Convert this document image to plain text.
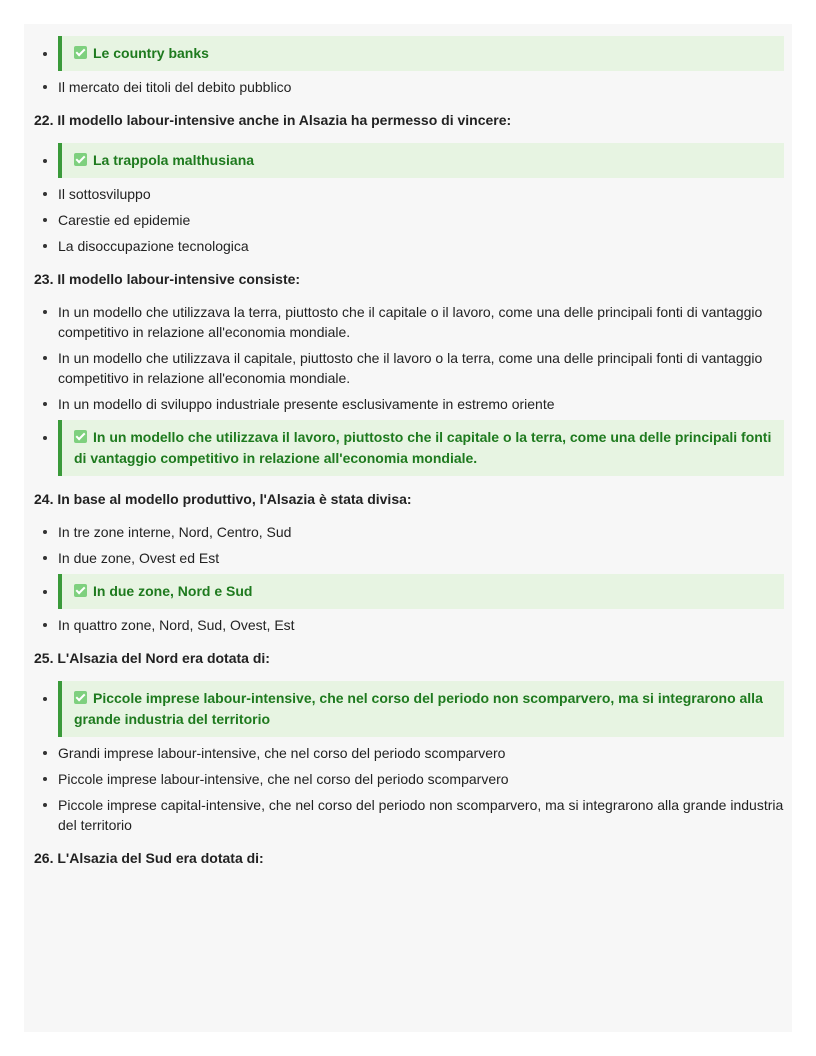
Le country banks
Il mercato dei titoli del debito pubblico
22. Il modello labour-intensive anche in Alsazia ha permesso di vincere:
La trappola malthusiana
Il sottosviluppo
Carestie ed epidemie
La disoccupazione tecnologica
23. Il modello labour-intensive consiste:
In un modello che utilizzava la terra, piuttosto che il capitale o il lavoro, come una delle principali fonti di vantaggio competitivo in relazione all'economia mondiale.
In un modello che utilizzava il capitale, piuttosto che il lavoro o la terra, come una delle principali fonti di vantaggio competitivo in relazione all'economia mondiale.
In un modello di sviluppo industriale presente esclusivamente in estremo oriente
In un modello che utilizzava il lavoro, piuttosto che il capitale o la terra, come una delle principali fonti di vantaggio competitivo in relazione all'economia mondiale.
24. In base al modello produttivo, l'Alsazia è stata divisa:
In tre zone interne, Nord, Centro, Sud
In due zone, Ovest ed Est
In due zone, Nord e Sud
In quattro zone, Nord, Sud, Ovest, Est
25. L'Alsazia del Nord era dotata di:
Piccole imprese labour-intensive, che nel corso del periodo non scomparvero, ma si integrarono alla grande industria del territorio
Grandi imprese labour-intensive, che nel corso del periodo scomparvero
Piccole imprese labour-intensive, che nel corso del periodo scomparvero
Piccole imprese capital-intensive, che nel corso del periodo non scomparvero, ma si integrarono alla grande industria del territorio
26. L'Alsazia del Sud era dotata di:
